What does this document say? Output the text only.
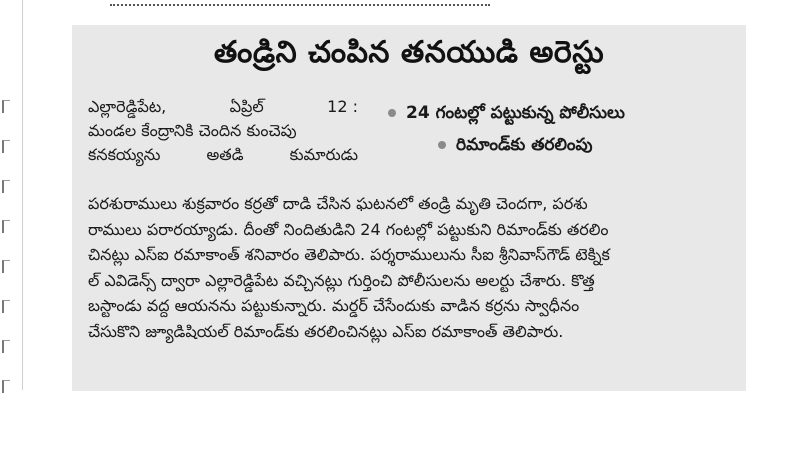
తండ్రిని చంపిన తనయుడి అరెస్టు
ఎల్లారెడ్డిపేట,	ఏప్రిల్	12 :
మండల కేంద్రానికి చెందిన కుంచెపు
కనకయ్యను	అతడి	కుమారుడు
24 గంటల్లో పట్టుకున్న పోలీసులు
రిమాండ్‌కు తరలింపు
పరశురాములు శుక్రవారం కర్రతో దాడి చేసిన ఘటనలో తండ్రి మృతి చెందగా, పరశు
రాములు పరారయ్యాడు. దీంతో నిందితుడిని 24 గంటల్లో పట్టుకుని రిమాండ్‌కు తరలిం
చినట్లు ఎస్‌ఐ రమాకాంత్ శనివారం తెలిపారు. పర్శరాములును సీఐ శ్రీనివాస్‌గౌడ్ టెక్నిక
ల్ ఎవిడెన్స్ ద్వారా ఎల్లారెడ్డిపేట వచ్చినట్లు గుర్తించి పోలీసులను అలర్టు చేశారు. కొత్త
బస్టాండు వద్ద ఆయనను పట్టుకున్నారు. మర్డర్ చేసేందుకు వాడిన కర్రను స్వాధీనం
చేసుకొని జ్యూడిషియల్ రిమాండ్‌కు తరలించినట్లు ఎస్‌ఐ రమాకాంత్ తెలిపారు.
